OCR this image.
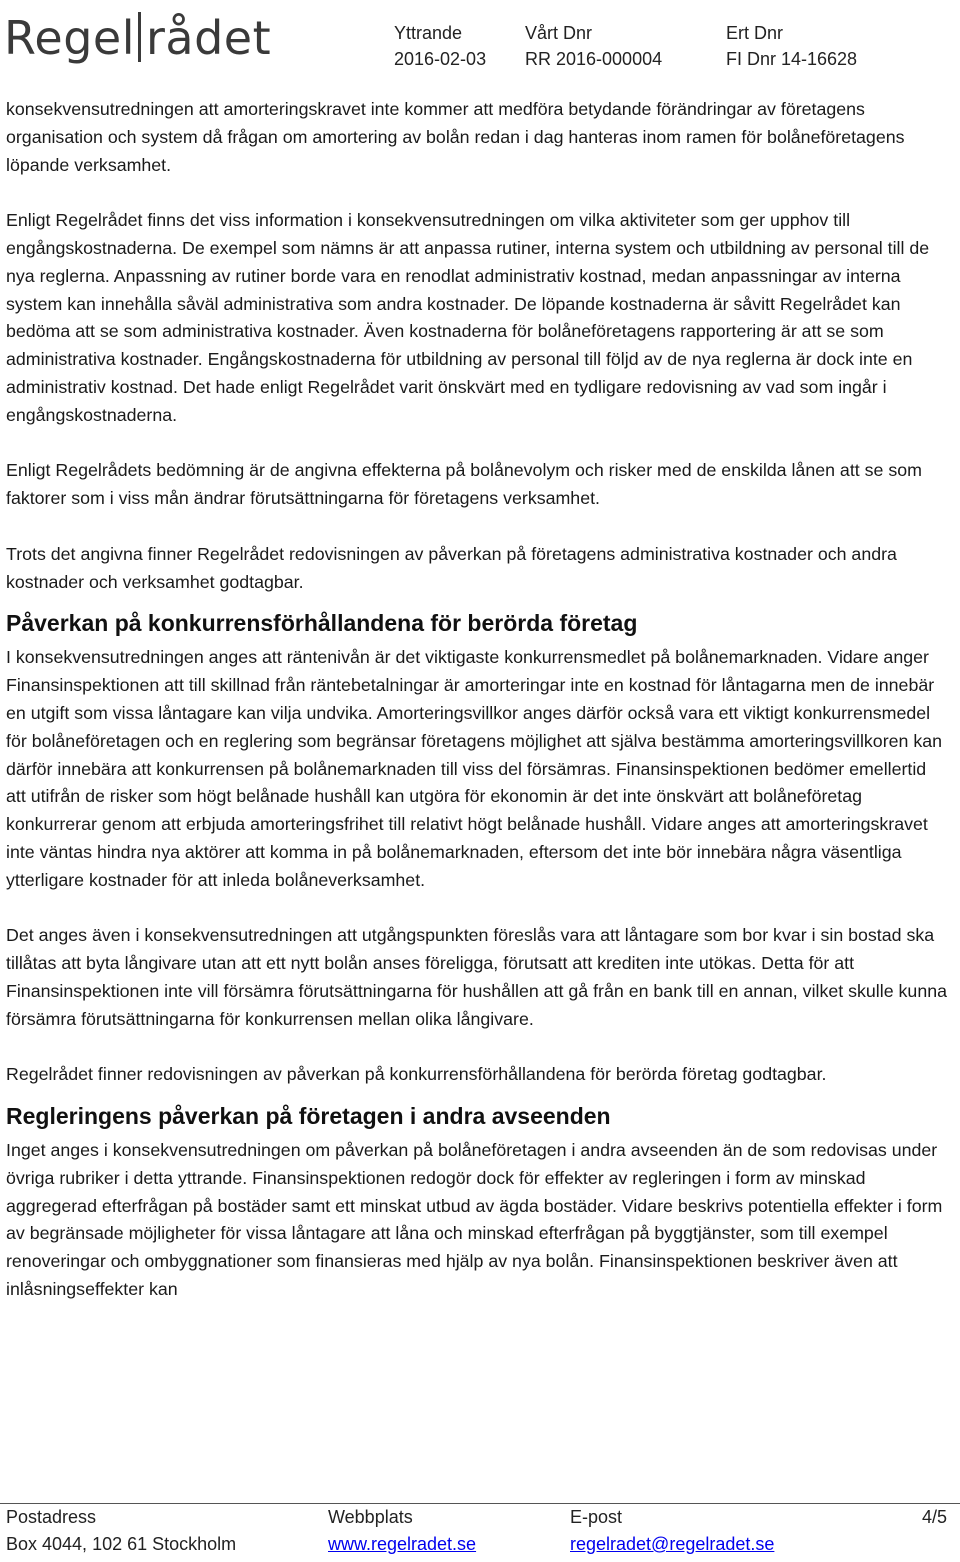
Regel rådet	Yttrande
2016-02-03
Vårt Dnr
RR 2016-000004
Ert Dnr
FI Dnr 14-16628

konsekvensutredningen att amorteringskravet inte kommer att medföra betydande förändringar av företagens organisation och system då frågan om amortering av bolån redan i dag hanteras inom ramen för bolåneföretagens löpande verksamhet.

Enligt Regelrådet finns det viss information i konsekvensutredningen om vilka aktiviteter som ger upphov till engångskostnaderna. De exempel som nämns är att anpassa rutiner, interna system och utbildning av personal till de nya reglerna. Anpassning av rutiner borde vara en renodlat administrativ kostnad, medan anpassningar av interna system kan innehålla såväl administrativa som andra kostnader. De löpande kostnaderna är såvitt Regelrådet kan bedöma att se som administrativa kostnader. Även kostnaderna för bolåneföretagens rapportering är att se som administrativa kostnader. Engångskostnaderna för utbildning av personal till följd av de nya reglerna är dock inte en administrativ kostnad. Det hade enligt Regelrådet varit önskvärt med en tydligare redovisning av vad som ingår i engångskostnaderna.

Enligt Regelrådets bedömning är de angivna effekterna på bolånevolym och risker med de enskilda lånen att se som faktorer som i viss mån ändrar förutsättningarna för företagens verksamhet.

Trots det angivna finner Regelrådet redovisningen av påverkan på företagens administrativa kostnader och andra kostnader och verksamhet godtagbar.

Påverkan på konkurrensförhållandena för berörda företag

I konsekvensutredningen anges att räntenivån är det viktigaste konkurrensmedlet på bolånemarknaden. Vidare anger Finansinspektionen att till skillnad från räntebetalningar är amorteringar inte en kostnad för låntagarna men de innebär en utgift som vissa låntagare kan vilja undvika. Amorteringsvillkor anges därför också vara ett viktigt konkurrensmedel för bolåneföretagen och en reglering som begränsar företagens möjlighet att själva bestämma amorteringsvillkoren kan därför innebära att konkurrensen på bolånemarknaden till viss del försämras. Finansinspektionen bedömer emellertid att utifrån de risker som högt belånade hushåll kan utgöra för ekonomin är det inte önskvärt att bolåneföretag konkurrerar genom att erbjuda amorteringsfrihet till relativt högt belånade hushåll. Vidare anges att amorteringskravet inte väntas hindra nya aktörer att komma in på bolånemarknaden, eftersom det inte bör innebära några väsentliga ytterligare kostnader för att inleda bolåneverksamhet.

Det anges även i konsekvensutredningen att utgångspunkten föreslås vara att låntagare som bor kvar i sin bostad ska tillåtas att byta långivare utan att ett nytt bolån anses föreligga, förutsatt att krediten inte utökas. Detta för att Finansinspektionen inte vill försämra förutsättningarna för hushållen att gå från en bank till en annan, vilket skulle kunna försämra förutsättningarna för konkurrensen mellan olika långivare.

Regelrådet finner redovisningen av påverkan på konkurrensförhållandena för berörda företag godtagbar.

Regleringens påverkan på företagen i andra avseenden

Inget anges i konsekvensutredningen om påverkan på bolåneföretagen i andra avseenden än de som redovisas under övriga rubriker i detta yttrande. Finansinspektionen redogör dock för effekter av regleringen i form av minskad aggregerad efterfrågan på bostäder samt ett minskat utbud av ägda bostäder. Vidare beskrivs potentiella effekter i form av begränsade möjligheter för vissa låntagare att låna och minskad efterfrågan på byggtjänster, som till exempel renoveringar och ombyggnationer som finansieras med hjälp av nya bolån. Finansinspektionen beskriver även att inlåsningseffekter kan

Postadress
Box 4044, 102 61 Stockholm
Webbplats
www.regelradet.se
E-post
regelradet@regelradet.se
4/5
